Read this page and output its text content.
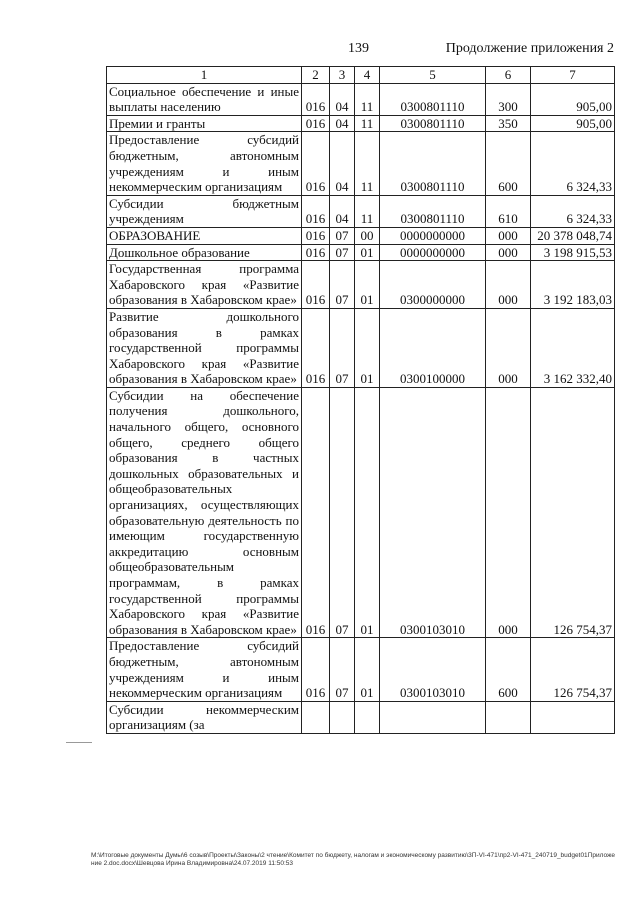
139	Продолжение приложения 2
1	2	3	4	5	6	7
Социальное обеспечение и иные выплаты населению	016	04	11	0300801110	300	905,00
Премии и гранты	016	04	11	0300801110	350	905,00
Предоставление субсидий бюджетным, автономным учреждениям и иным некоммерческим организациям	016	04	11	0300801110	600	6 324,33
Субсидии бюджетным учреждениям	016	04	11	0300801110	610	6 324,33
ОБРАЗОВАНИЕ	016	07	00	0000000000	000	20 378 048,74
Дошкольное образование	016	07	01	0000000000	000	3 198 915,53
Государственная программа Хабаровского края «Развитие образования в Хабаровском крае»	016	07	01	0300000000	000	3 192 183,03
Развитие дошкольного образования в рамках государственной программы Хабаровского края «Развитие образования в Хабаровском крае»	016	07	01	0300100000	000	3 162 332,40
Субсидии на обеспечение получения дошкольного, начального общего, основного общего, среднего общего образования в частных дошкольных образовательных и общеобразовательных организациях, осуществляющих образовательную деятельность по имеющим государственную аккредитацию основным общеобразовательным программам, в рамках государственной программы Хабаровского края «Развитие образования в Хабаровском крае»	016	07	01	0300103010	000	126 754,37
Предоставление субсидий бюджетным, автономным учреждениям и иным некоммерческим организациям	016	07	01	0300103010	600	126 754,37
Субсидии некоммерческим организациям (за						
M:\Итоговые документы Думы\6 созыв\Проекты\Законы\2 чтение\Комитет по бюджету, налогам и экономическому развитию\3П-VI-471\пр2-VI-471_240719_budget01Приложение 2.doc.docx\Шевцова Ирина Владимировна\24.07.2019 11:50:53
